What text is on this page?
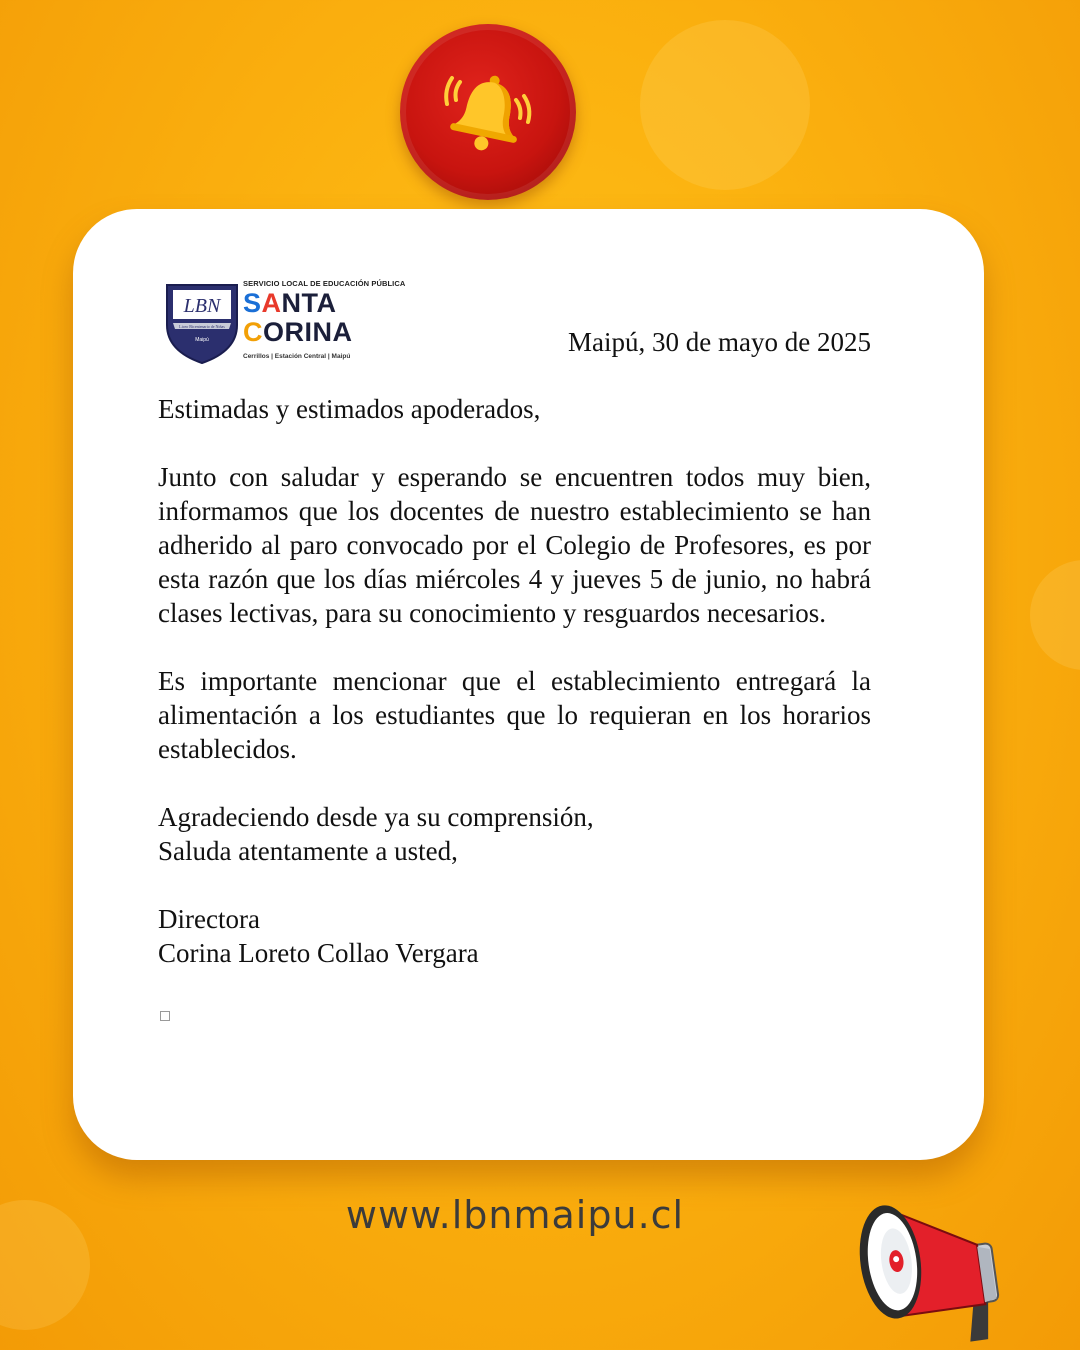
LBN
Liceo Bicentenario de Niñas
Maipú
SERVICIO LOCAL DE EDUCACIÓN PÚBLICA
SANTA
CORINA
Cerrillos | Estación Central | Maipú	Maipú, 30 de mayo de 2025

Estimadas y estimados apoderados,

Junto con saludar y esperando se encuentren todos muy bien, informamos que los docentes de nuestro establecimiento se han adherido al paro convocado por el Colegio de Profesores, es por esta razón que los días miércoles 4 y jueves 5 de junio, no habrá clases lectivas, para su conocimiento y resguardos necesarios.

Es importante mencionar que el establecimiento entregará la alimentación a los estudiantes que lo requieran en los horarios establecidos.

Agradeciendo desde ya su comprensión,

Saluda atentamente a usted,

Directora

Corina Loreto Collao Vergara

www.lbnmaipu.cl
